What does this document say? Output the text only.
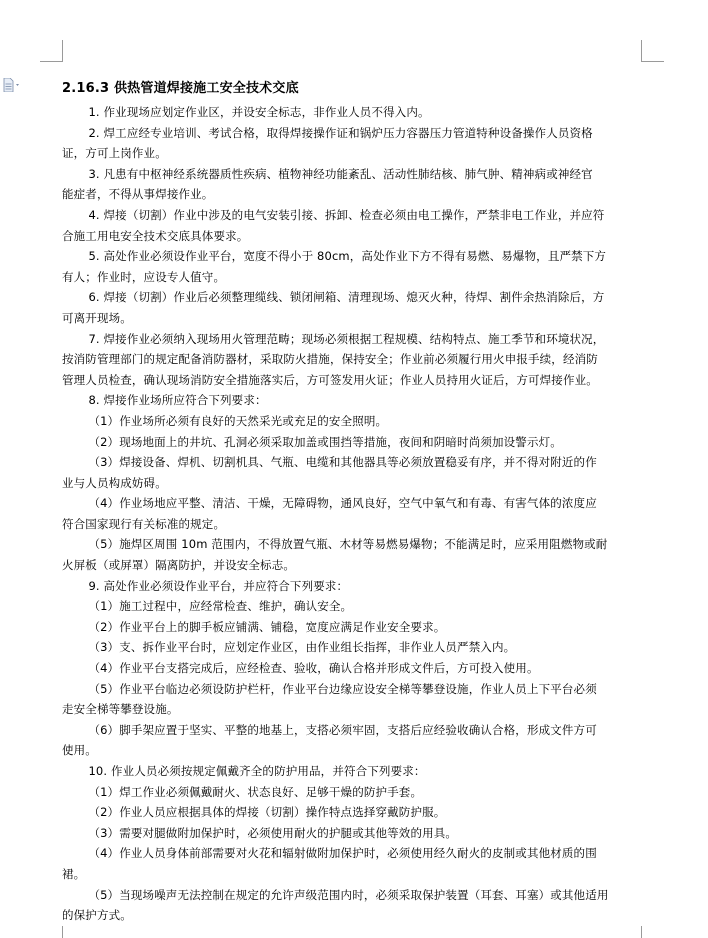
2.16.3 供热管道焊接施工安全技术交底
1. 作业现场应划定作业区，并设安全标志，非作业人员不得入内。
2. 焊工应经专业培训、考试合格，取得焊接操作证和锅炉压力容器压力管道特种设备操作人员资格
证，方可上岗作业。
3. 凡患有中枢神经系统器质性疾病、植物神经功能紊乱、活动性肺结核、肺气肿、精神病或神经官
能症者，不得从事焊接作业。
4. 焊接（切割）作业中涉及的电气安装引接、拆卸、检查必须由电工操作，严禁非电工作业，并应符
合施工用电安全技术交底具体要求。
5. 高处作业必须设作业平台，宽度不得小于 80cm，高处作业下方不得有易燃、易爆物，且严禁下方
有人；作业时，应设专人值守。
6. 焊接（切割）作业后必须整理缆线、锁闭闸箱、清理现场、熄灭火种，待焊、割件余热消除后，方
可离开现场。
7. 焊接作业必须纳入现场用火管理范畴；现场必须根据工程规模、结构特点、施工季节和环境状况，
按消防管理部门的规定配备消防器材，采取防火措施，保持安全；作业前必须履行用火申报手续，经消防
管理人员检查，确认现场消防安全措施落实后，方可签发用火证；作业人员持用火证后，方可焊接作业。
8. 焊接作业场所应符合下列要求：
（1）作业场所必须有良好的天然采光或充足的安全照明。
（2）现场地面上的井坑、孔洞必须采取加盖或围挡等措施，夜间和阴暗时尚须加设警示灯。
（3）焊接设备、焊机、切割机具、气瓶、电缆和其他器具等必须放置稳妥有序，并不得对附近的作
业与人员构成妨碍。
（4）作业场地应平整、清洁、干燥，无障碍物，通风良好，空气中氧气和有毒、有害气体的浓度应
符合国家现行有关标准的规定。
（5）施焊区周围 10m 范围内，不得放置气瓶、木材等易燃易爆物；不能满足时，应采用阻燃物或耐
火屏板（或屏罩）隔离防护，并设安全标志。
9. 高处作业必须设作业平台，并应符合下列要求：
（1）施工过程中，应经常检查、维护，确认安全。
（2）作业平台上的脚手板应铺满、铺稳，宽度应满足作业安全要求。
（3）支、拆作业平台时，应划定作业区，由作业组长指挥，非作业人员严禁入内。
（4）作业平台支搭完成后，应经检查、验收，确认合格并形成文件后，方可投入使用。
（5）作业平台临边必须设防护栏杆，作业平台边缘应设安全梯等攀登设施，作业人员上下平台必须
走安全梯等攀登设施。
（6）脚手架应置于坚实、平整的地基上，支搭必须牢固，支搭后应经验收确认合格，形成文件方可
使用。
10. 作业人员必须按规定佩戴齐全的防护用品，并符合下列要求：
（1）焊工作业必须佩戴耐火、状态良好、足够干燥的防护手套。
（2）作业人员应根据具体的焊接（切割）操作特点选择穿戴防护服。
（3）需要对腿做附加保护时，必须使用耐火的护腿或其他等效的用具。
（4）作业人员身体前部需要对火花和辐射做附加保护时，必须使用经久耐火的皮制或其他材质的围
裙。
（5）当现场噪声无法控制在规定的允许声级范围内时，必须采取保护装置（耳套、耳塞）或其他适用
的保护方式。
